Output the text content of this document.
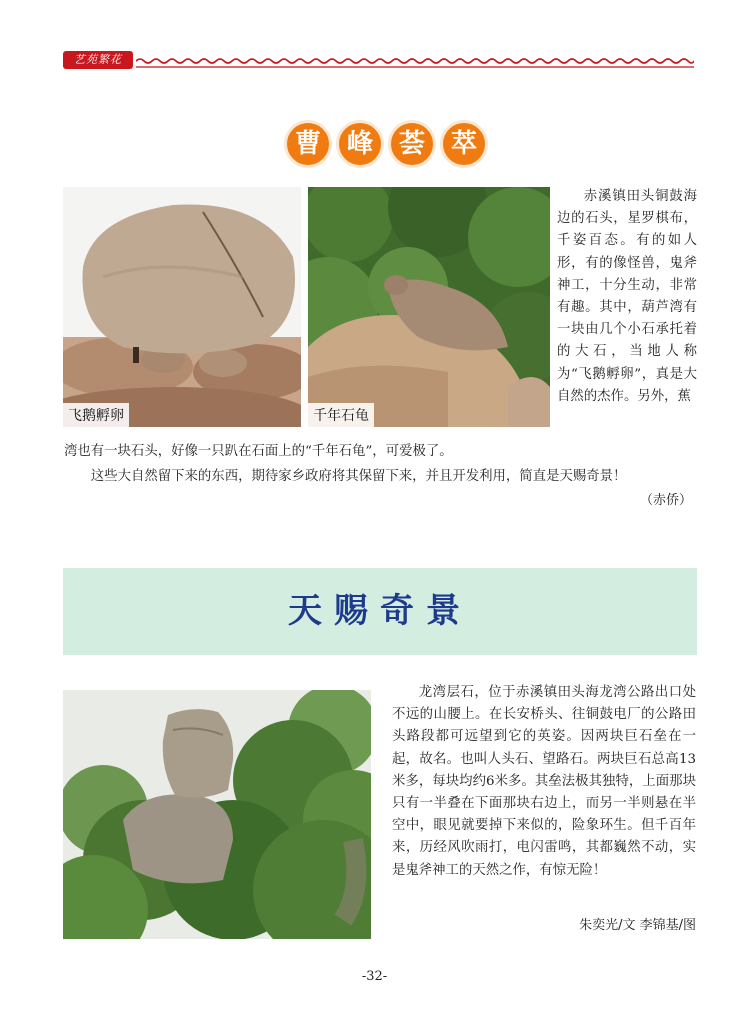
艺苑繁花
曹 峰 荟 萃
飞鹅孵卵	千年石龟
赤溪镇田头铜鼓海边的石头，星罗棋布，千姿百态。有的如人形，有的像怪兽，鬼斧神工，十分生动，非常有趣。其中，葫芦湾有一块由几个小石承托着的大石，当地人称为“飞鹅孵卵”，真是大自然的杰作。另外，蕉
湾也有一块石头，好像一只趴在石面上的“千年石龟”，可爱极了。
这些大自然留下来的东西，期待家乡政府将其保留下来，并且开发利用，简直是天赐奇景！
（赤侨）
天赐奇景
龙湾层石，位于赤溪镇田头海龙湾公路出口处不远的山腰上。在长安桥头、往铜鼓电厂的公路田头路段都可远望到它的英姿。因两块巨石垒在一起，故名。也叫人头石、望路石。两块巨石总高13米多，每块均约6米多。其垒法极其独特，上面那块只有一半叠在下面那块右边上，而另一半则悬在半空中，眼见就要掉下来似的，险象环生。但千百年来，历经风吹雨打，电闪雷鸣，其都巍然不动，实是鬼斧神工的天然之作，有惊无险！
朱奕光/文 李锦基/图
-32-
